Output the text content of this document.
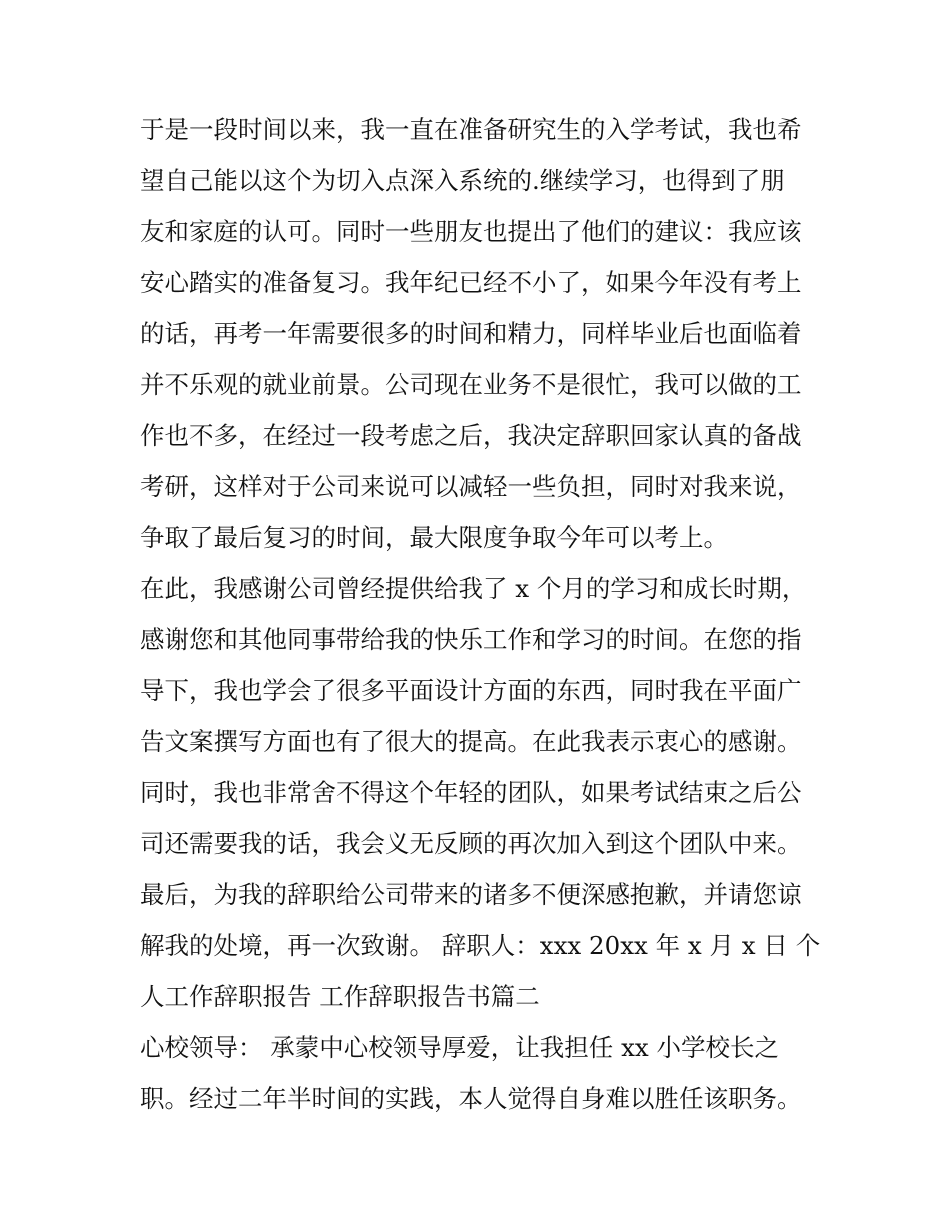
于是一段时间以来，我一直在准备研究生的入学考试，我也希
望自己能以这个为切入点深入系统的.继续学习，也得到了朋
友和家庭的认可。同时一些朋友也提出了他们的建议：我应该
安心踏实的准备复习。我年纪已经不小了，如果今年没有考上
的话，再考一年需要很多的时间和精力，同样毕业后也面临着
并不乐观的就业前景。公司现在业务不是很忙，我可以做的工
作也不多，在经过一段考虑之后，我决定辞职回家认真的备战
考研，这样对于公司来说可以减轻一些负担，同时对我来说，
争取了最后复习的时间，最大限度争取今年可以考上。
在此，我感谢公司曾经提供给我了 x 个月的学习和成长时期，
感谢您和其他同事带给我的快乐工作和学习的时间。在您的指
导下，我也学会了很多平面设计方面的东西，同时我在平面广
告文案撰写方面也有了很大的提高。在此我表示衷心的感谢。
同时，我也非常舍不得这个年轻的团队，如果考试结束之后公
司还需要我的话，我会义无反顾的再次加入到这个团队中来。
最后，为我的辞职给公司带来的诸多不便深感抱歉，并请您谅
解我的处境，再一次致谢。 辞职人：xxx 20xx 年 x 月 x 日 个
人工作辞职报告 工作辞职报告书篇二
心校领导： 承蒙中心校领导厚爱，让我担任 xx 小学校长之
职。经过二年半时间的实践，本人觉得自身难以胜任该职务。
